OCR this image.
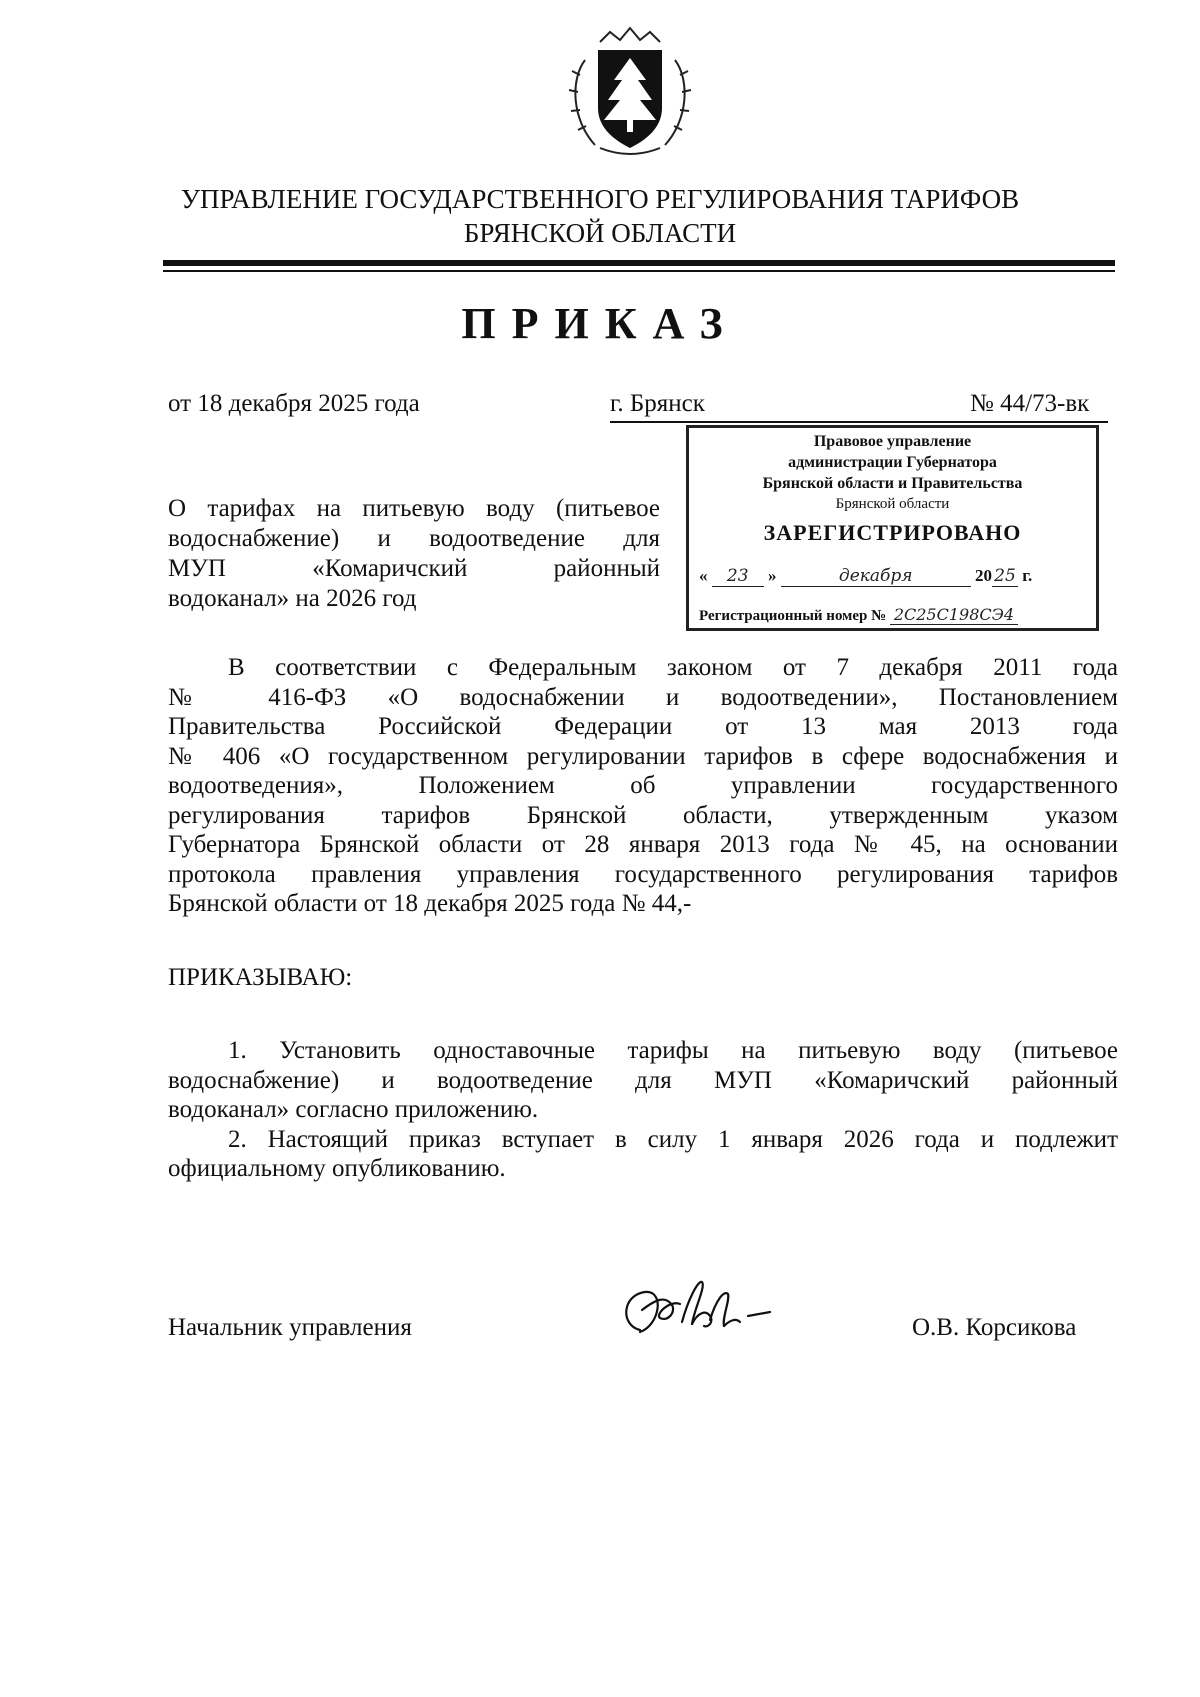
УПРАВЛЕНИЕ ГОСУДАРСТВЕННОГО РЕГУЛИРОВАНИЯ ТАРИФОВ
БРЯНСКОЙ ОБЛАСТИ
ПРИКАЗ
от 18 декабря 2025 года	г. Брянск	№ 44/73-вк
Правовое управление
администрации Губернатора
Брянской области и Правительства
Брянской области
ЗАРЕГИСТРИРОВАНО
« 23 »	декабря	20 25 г.
Регистрационный номер № 2С25С198СЭ4
О тарифах на питьевую воду (питьевое
водоснабжение) и водоотведение для
МУП «Комаричский районный
водоканал» на 2026 год
В соответствии с Федеральным законом от 7 декабря 2011 года
№ 416-ФЗ «О водоснабжении и водоотведении», Постановлением
Правительства Российской Федерации от 13 мая 2013 года
№ 406 «О государственном регулировании тарифов в сфере водоснабжения и
водоотведения», Положением об управлении государственного
регулирования тарифов Брянской области, утвержденным указом
Губернатора Брянской области от 28 января 2013 года № 45, на основании
протокола правления управления государственного регулирования тарифов
Брянской области от 18 декабря 2025 года № 44,-
ПРИКАЗЫВАЮ:
1. Установить одноставочные тарифы на питьевую воду (питьевое
водоснабжение) и водоотведение для МУП «Комаричский районный
водоканал» согласно приложению.
2. Настоящий приказ вступает в силу 1 января 2026 года и подлежит
официальному опубликованию.
Начальник управления	О.В. Корсикова
